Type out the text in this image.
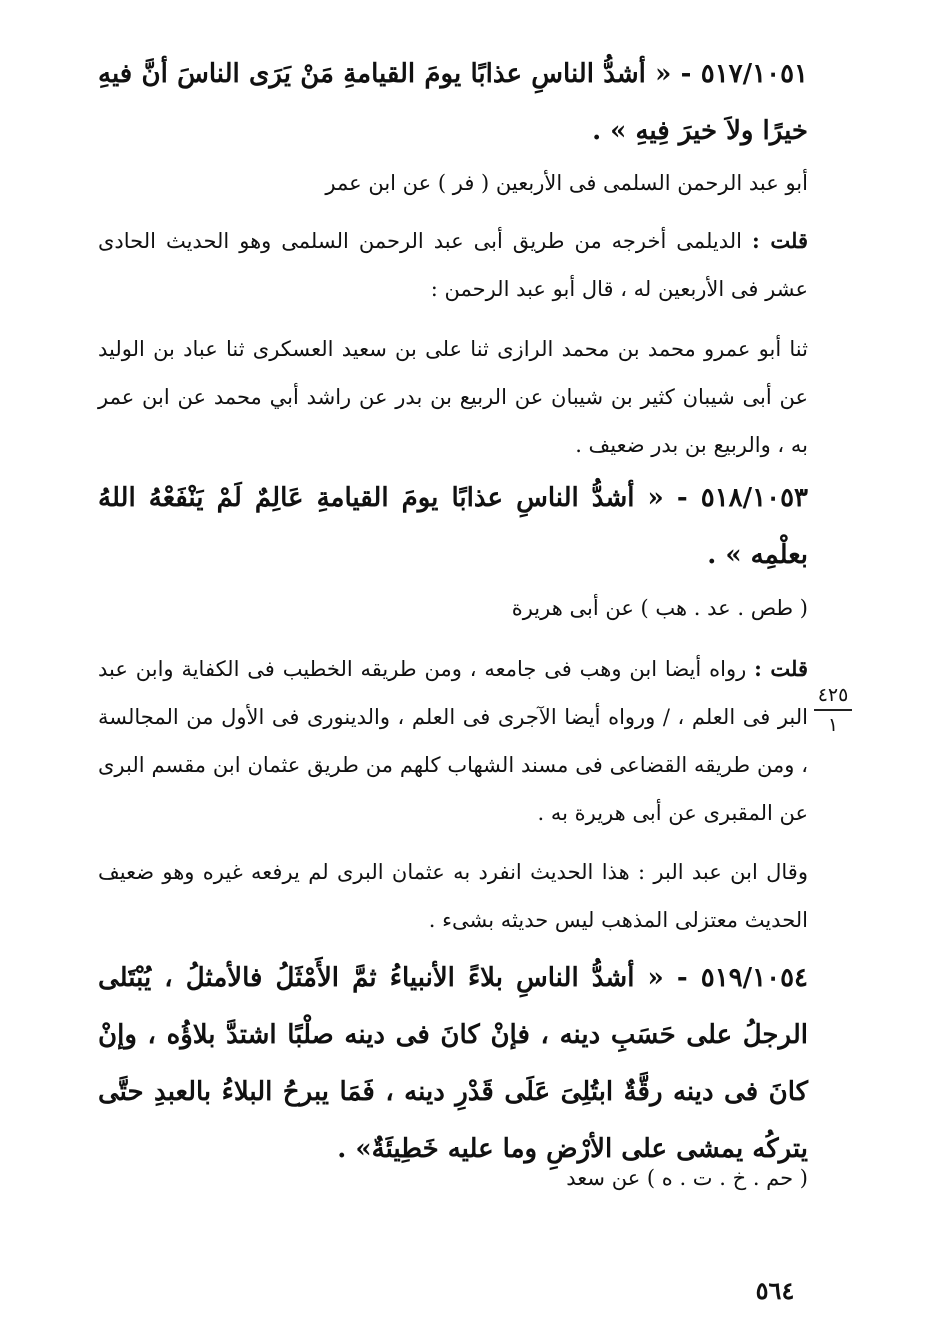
٥١٧/١٠٥١ - « أشدُّ الناسِ عذابًا يومَ القيامةِ مَنْ يَرَى الناسَ أنَّ فيهِ خيرًا ولاَ خيرَ فِيهِ » .

أبو عبد الرحمن السلمى فى الأربعين ( فر ) عن ابن عمر

قلت : الديلمى أخرجه من طريق أبى عبد الرحمن السلمى وهو الحديث الحادى عشر فى الأربعين له ، قال أبو عبد الرحمن :

ثنا أبو عمرو محمد بن محمد الرازى ثنا على بن سعيد العسكرى ثنا عباد بن الوليد عن أبى شيبان كثير بن شيبان عن الربيع بن بدر عن راشد أبي محمد عن ابن عمر به ، والربيع بن بدر ضعيف .

٥١٨/١٠٥٣ - « أشدُّ الناسِ عذابًا يومَ القيامةِ عَالِمٌ لَمْ يَنْفَعْهُ اللهُ بعلْمِه » .

( طص . عد . هب ) عن أبى هريرة

قلت : رواه أيضا ابن وهب فى جامعه ، ومن طريقه الخطيب فى الكفاية وابن عبد البر فى العلم ، / ورواه أيضا الآجرى فى العلم ، والدينورى فى الأول من المجالسة ، ومن طريقه القضاعى فى مسند الشهاب كلهم من طريق عثمان ابن مقسم البرى عن المقبرى عن أبى هريرة به .

وقال ابن عبد البر : هذا الحديث انفرد به عثمان البرى لم يرفعه غيره وهو ضعيف الحديث معتزلى المذهب ليس حديثه بشىء .

٥١٩/١٠٥٤ - « أشدُّ الناسِ بلاءً الأنبياءُ ثمَّ الأَمْثَلُ فالأمثلُ ، يُبْتَلى الرجلُ على حَسَبِ دينه ، فإنْ كانَ فى دينه صلْبًا اشتدَّ بلاؤُه ، وإنْ كانَ فى دينه رقَّةٌ ابتُلِىَ عَلَى قَدْرِ دينه ، فَمَا يبرحُ البلاءُ بالعبدِ حتَّى يتركُه يمشى على الأرْضِ وما عليه خَطِيئَةٌ» .

( حم . خ . ت . ه ) عن سعد

٤٢٥
١
٥٦٤
